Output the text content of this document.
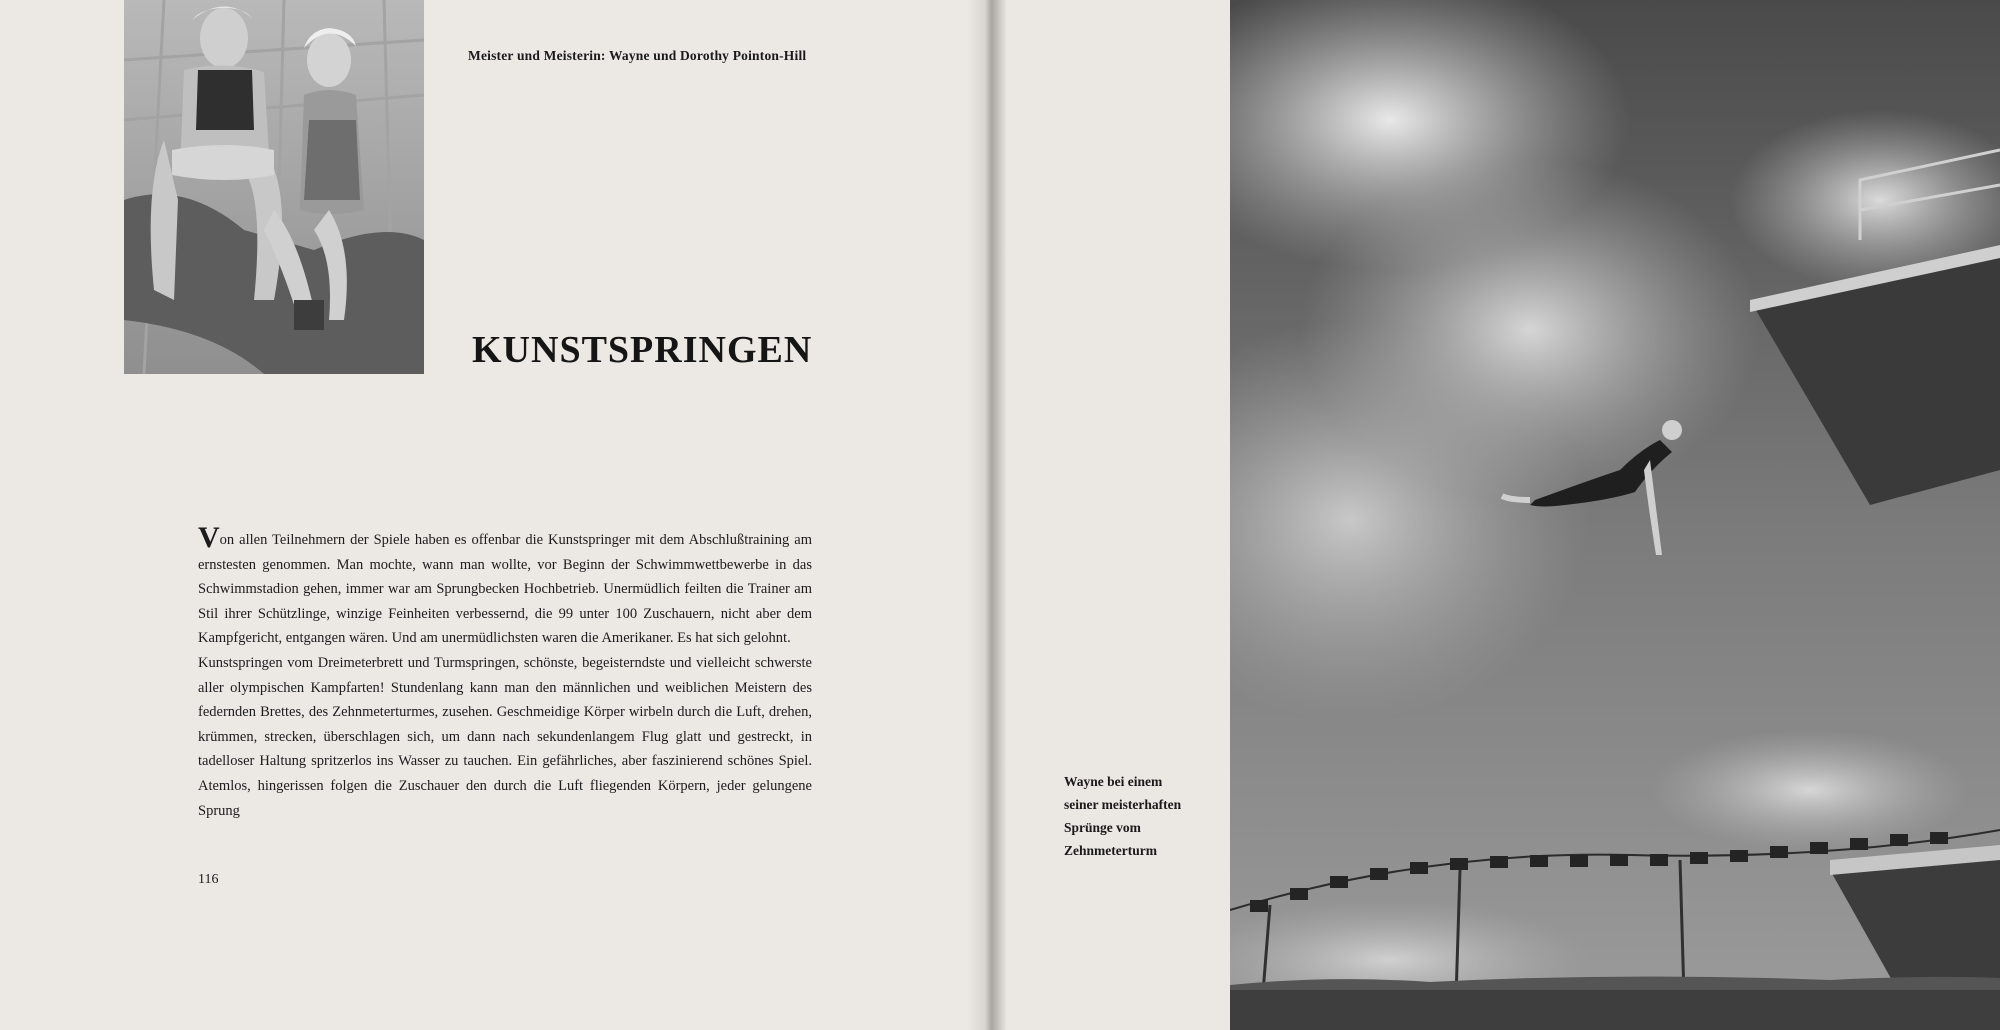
Meister und Meisterin: Wayne und Dorothy Pointon-Hill
KUNSTSPRINGEN

Von allen Teilnehmern der Spiele haben es offenbar die Kunstspringer mit dem Abschlußtraining am ernstesten genommen. Man mochte, wann man wollte, vor Beginn der Schwimmwettbewerbe in das Schwimmstadion gehen, immer war am Sprungbecken Hochbetrieb. Unermüdlich feilten die Trainer am Stil ihrer Schützlinge, winzige Feinheiten verbessernd, die 99 unter 100 Zuschauern, nicht aber dem Kampfgericht, entgangen wären. Und am unermüdlichsten waren die Amerikaner. Es hat sich gelohnt.

Kunstspringen vom Dreimeterbrett und Turmspringen, schönste, begeisterndste und vielleicht schwerste aller olympischen Kampfarten! Stundenlang kann man den männlichen und weiblichen Meistern des federnden Brettes, des Zehnmeterturmes, zusehen. Geschmeidige Körper wirbeln durch die Luft, drehen, krümmen, strecken, überschlagen sich, um dann nach sekundenlangem Flug glatt und gestreckt, in tadelloser Haltung spritzerlos ins Wasser zu tauchen. Ein gefährliches, aber faszinierend schönes Spiel. Atemlos, hingerissen folgen die Zuschauer den durch die Luft fliegenden Körpern, jeder gelungene Sprung

116
Wayne bei einem
seiner meisterhaften
Sprünge vom
Zehnmeterturm
